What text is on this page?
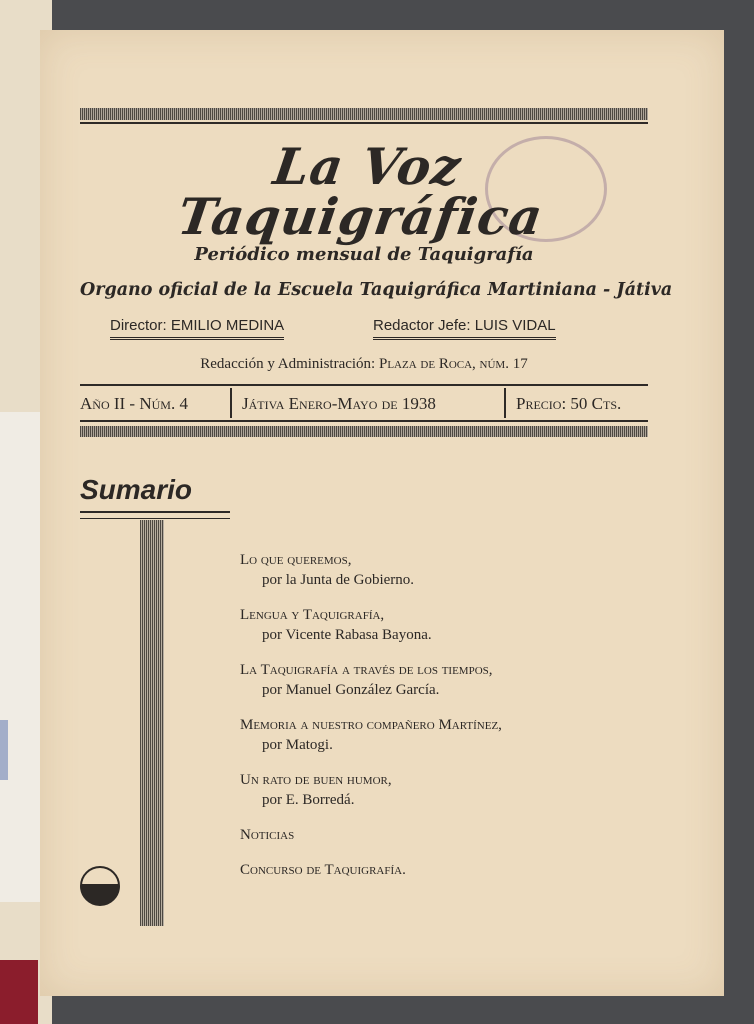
La Voz Taquigráfica
Periódico mensual de Taquigrafía
Organo oficial de la Escuela Taquigráfica Martiniana - Játiva
Director: EMILIO MEDINA	Redactor Jefe: LUIS VIDAL
Redacción y Administración: Plaza de Roca, núm. 17
Año II - Núm. 4	Játiva Enero-Mayo de 1938	Precio: 50 Cts.
Sumario
Lo que queremos,
por la Junta de Gobierno.
Lengua y Taquigrafía,
por Vicente Rabasa Bayona.
La Taquigrafía a través de los tiempos,
por Manuel González García.
Memoria a nuestro compañero Martínez,
por Matogi.
Un rato de buen humor,
por E. Borredá.
Noticias
Concurso de Taquigrafía.
